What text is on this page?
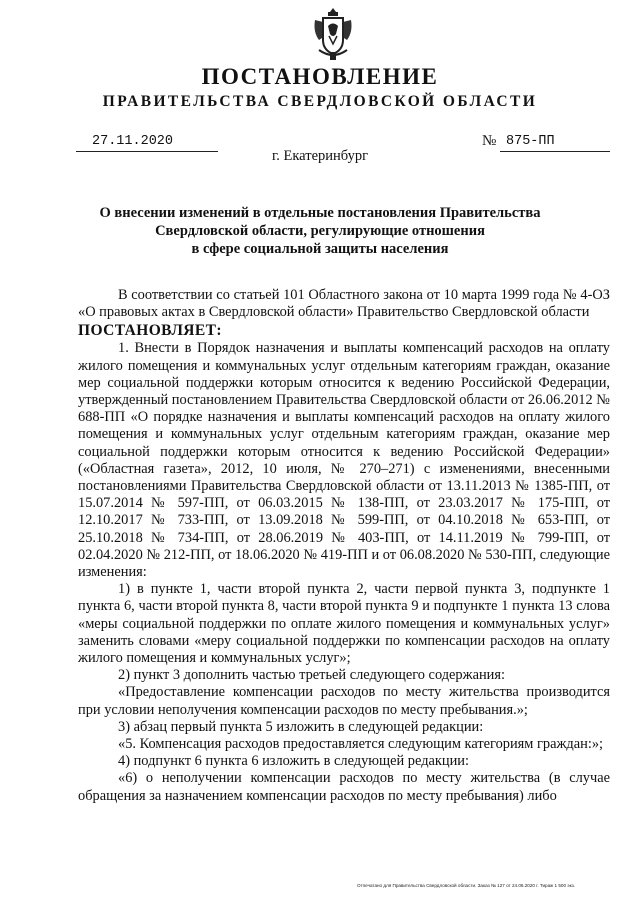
ПОСТАНОВЛЕНИЕ
ПРАВИТЕЛЬСТВА СВЕРДЛОВСКОЙ ОБЛАСТИ
27.11.2020	№ 875-ПП
г. Екатеринбург
О внесении изменений в отдельные постановления Правительства
Свердловской области, регулирующие отношения
в сфере социальной защиты населения

В соответствии со статьей 101 Областного закона от 10 марта 1999 года № 4-ОЗ «О правовых актах в Свердловской области» Правительство Свердловской области

ПОСТАНОВЛЯЕТ:

1. Внести в Порядок назначения и выплаты компенсаций расходов на оплату жилого помещения и коммунальных услуг отдельным категориям граждан, оказание мер социальной поддержки которым относится к ведению Российской Федерации, утвержденный постановлением Правительства Свердловской области от 26.06.2012 № 688-ПП «О порядке назначения и выплаты компенсаций расходов на оплату жилого помещения и коммунальных услуг отдельным категориям граждан, оказание мер социальной поддержки которым относится к ведению Российской Федерации» («Областная газета», 2012, 10 июля, № 270–271) с изменениями, внесенными постановлениями Правительства Свердловской области от 13.11.2013 № 1385-ПП, от 15.07.2014 № 597-ПП, от 06.03.2015 № 138-ПП, от 23.03.2017 № 175-ПП, от 12.10.2017 № 733-ПП, от 13.09.2018 № 599-ПП, от 04.10.2018 № 653-ПП, от 25.10.2018 № 734-ПП, от 28.06.2019 № 403-ПП, от 14.11.2019 № 799-ПП, от 02.04.2020 № 212-ПП, от 18.06.2020 № 419-ПП и от 06.08.2020 № 530-ПП, следующие изменения:

1) в пункте 1, части второй пункта 2, части первой пункта 3, подпункте 1 пункта 6, части второй пункта 8, части второй пункта 9 и подпункте 1 пункта 13 слова «меры социальной поддержки по оплате жилого помещения и коммунальных услуг» заменить словами «меру социальной поддержки по компенсации расходов на оплату жилого помещения и коммунальных услуг»;

2) пункт 3 дополнить частью третьей следующего содержания:

«Предоставление компенсации расходов по месту жительства производится при условии неполучения компенсации расходов по месту пребывания.»;

3) абзац первый пункта 5 изложить в следующей редакции:

«5. Компенсация расходов предоставляется следующим категориям граждан:»;

4) подпункт 6 пункта 6 изложить в следующей редакции:

«6) о неполучении компенсации расходов по месту жительства (в случае обращения за назначением компенсации расходов по месту пребывания) либо

Отпечатано для Правительства Свердловской области. Заказ № 127 от 24.06.2020 г. Тираж 1 500 экз.
